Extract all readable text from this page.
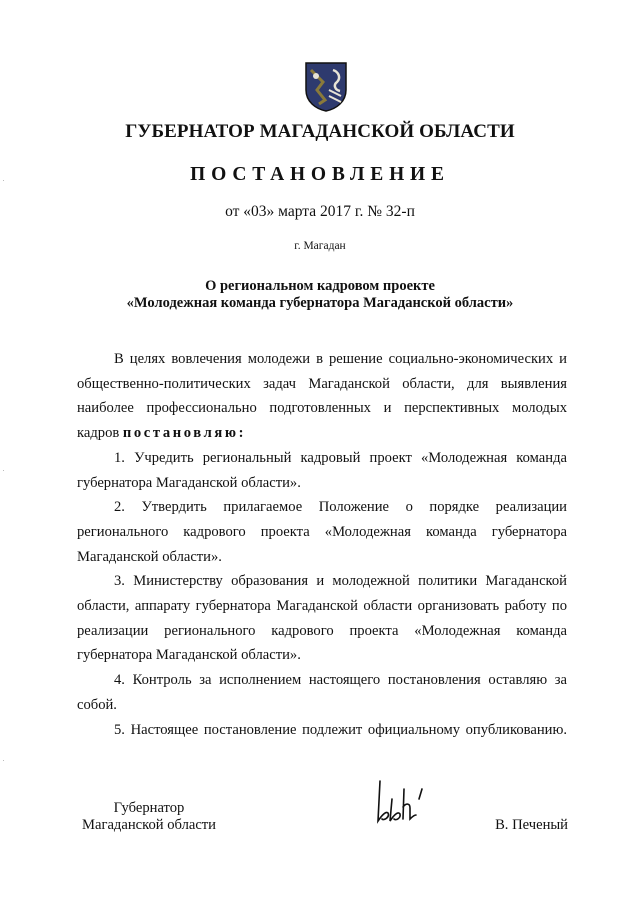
ГУБЕРНАТОР МАГАДАНСКОЙ ОБЛАСТИ
ПОСТАНОВЛЕНИЕ
от «03» марта 2017 г. № 32-п
г. Магадан
О региональном кадровом проекте
«Молодежная команда губернатора Магаданской области»

В целях вовлечения молодежи в решение социально-экономических и общественно-политических задач Магаданской области, для выявления наиболее профессионально подготовленных и перспективных молодых кадров постановляю:

1. Учредить региональный кадровый проект «Молодежная команда губернатора Магаданской области».

2. Утвердить прилагаемое Положение о порядке реализации регионального кадрового проекта «Молодежная команда губернатора Магаданской области».

3. Министерству образования и молодежной политики Магаданской области, аппарату губернатора Магаданской области организовать работу по реализации регионального кадрового проекта «Молодежная команда губернатора Магаданской области».

4. Контроль за исполнением настоящего постановления оставляю за собой.

5. Настоящее постановление подлежит официальному опубликованию.

Губернатор
Магаданской области	В. Печеный
